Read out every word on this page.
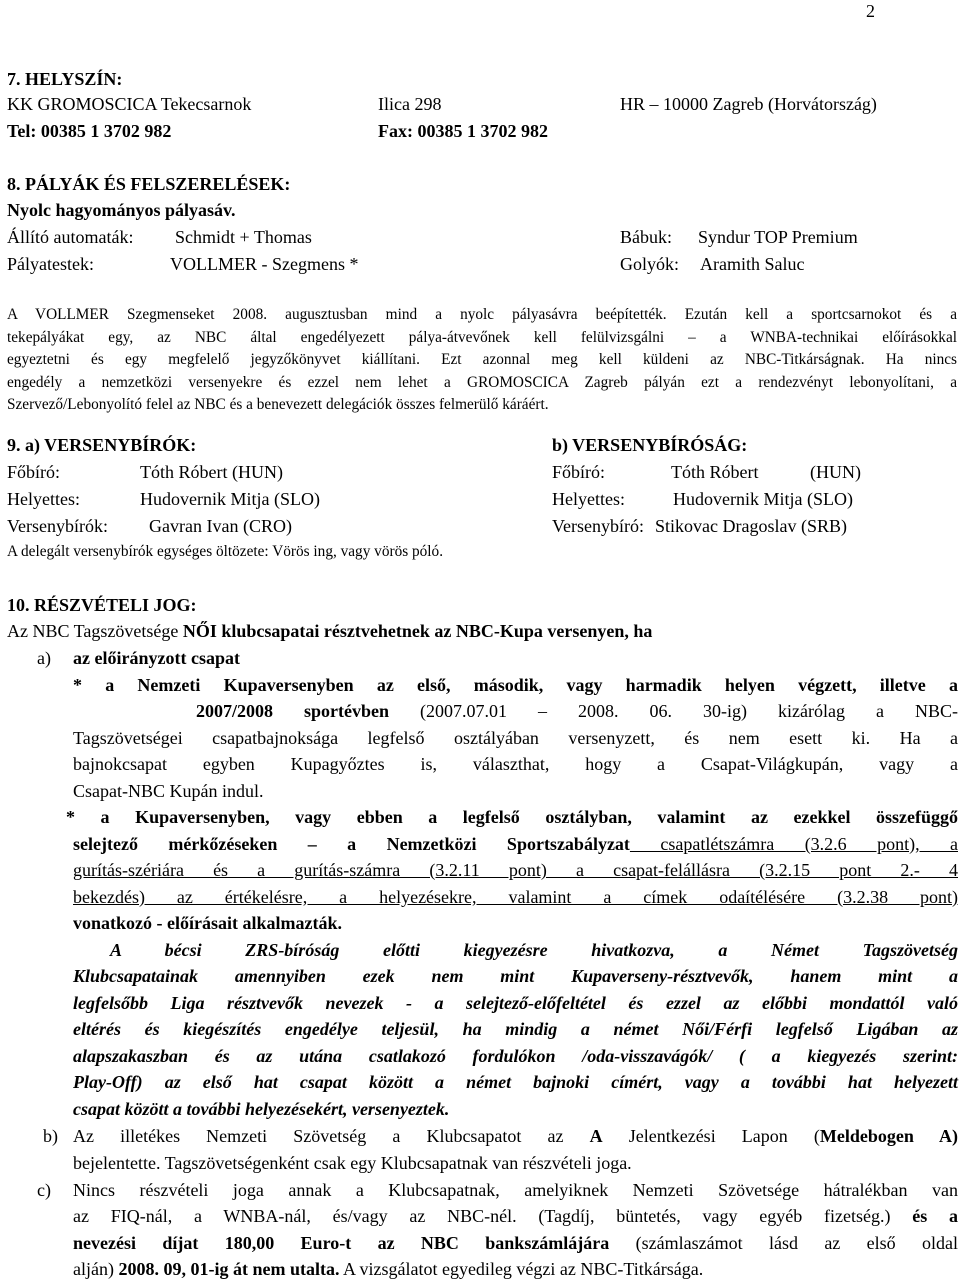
2
7. HELYSZÍN:
KK GROMOSCICA Tekecsarnok	Ilica 298	HR – 10000 Zagreb (Horvátország)
Tel: 00385 1 3702 982	Fax: 00385 1 3702 982
8. PÁLYÁK ÉS FELSZERELÉSEK:
Nyolc hagyományos pályasáv.
Állító automaták: Schmidt + Thomas	Bábuk: Syndur TOP Premium
Pályatestek:	VOLLMER - Szegmens *	Golyók: Aramith Saluc
A VOLLMER Szegmenseket 2008. augusztusban mind a nyolc pályasávra beépítették. Ezután kell a sportcsarnokot és a
tekepályákat egy, az NBC által engedélyezett pálya-átvevőnek kell felülvizsgálni – a WNBA-technikai előírásokkal
egyeztetni és egy megfelelő jegyzőkönyvet kiállítani. Ezt azonnal meg kell küldeni az NBC-Titkárságnak. Ha nincs
engedély a nemzetközi versenyekre és ezzel nem lehet a GROMOSCICA Zagreb pályán ezt a rendezvényt lebonyolítani, a
Szervező/Lebonyolító felel az NBC és a benevezett delegációk összes felmerülő káráért.
9. a) VERSENYBÍRÓK:	b) VERSENYBÍRÓSÁG:
Főbíró:	Tóth Róbert (HUN)	Főbíró:	Tóth Róbert	(HUN)
Helyettes:	Hudovernik Mitja (SLO)	Helyettes:	Hudovernik Mitja (SLO)
Versenybírók: Gavran Ivan (CRO)	Versenybíró: Stikovac Dragoslav (SRB)
A delegált versenybírók egységes öltözete: Vörös ing, vagy vörös póló.
10. RÉSZVÉTELI JOG:
Az NBC Tagszövetsége NŐI klubcsapatai résztvehetnek az NBC-Kupa versenyen, ha
a) az előirányzott csapat
* a Nemzeti Kupaversenyben az első, második, vagy harmadik helyen végzett, illetve a
2007/2008 sportévben (2007.07.01 – 2008. 06. 30-ig) kizárólag a NBC-
Tagszövetségei csapatbajnoksága legfelső osztályában versenyzett, és nem esett ki. Ha a
bajnokcsapat egyben Kupagyőztes is, választhat, hogy a Csapat-Világkupán, vagy a
Csapat-NBC Kupán indul.
* a Kupaversenyben, vagy ebben a legfelső osztályban, valamint az ezekkel összefüggő
selejtező mérkőzéseken – a Nemzetközi Sportszabályzat csapatlétszámra (3.2.6 pont), a
gurítás-szériára és a gurítás-számra (3.2.11 pont) a csapat-felállásra (3.2.15 pont 2.- 4
bekezdés) az értékelésre, a helyezésekre, valamint a címek odaítélésére (3.2.38 pont)
vonatkozó - előírásait alkalmazták.
A bécsi ZRS-bíróság előtti kiegyezésre hivatkozva, a Német Tagszövetség
Klubcsapatainak amennyiben ezek nem mint Kupaverseny-résztvevők, hanem mint a
legfelsőbb Liga résztvevők nevezek - a selejtező-előfeltétel és ezzel az előbbi mondattól való
eltérés és kiegészítés engedélye teljesül, ha mindig a német Női/Férfi legfelső Ligában az
alapszakaszban és az utána csatlakozó fordulókon /oda-visszavágók/ ( a kiegyezés szerint:
Play-Off) az első hat csapat között a német bajnoki címért, vagy a további hat helyezett
csapat között a további helyezésekért, versenyeztek.
b) Az illetékes Nemzeti Szövetség a Klubcsapatot az A Jelentkezési Lapon (Meldebogen A)
bejelentette. Tagszövetségenként csak egy Klubcsapatnak van részvételi joga.
c) Nincs részvételi joga annak a Klubcsapatnak, amelyiknek Nemzeti Szövetsége hátralékban van
az FIQ-nál, a WNBA-nál, és/vagy az NBC-nél. (Tagdíj, büntetés, vagy egyéb fizetség.) és a
nevezési díjat 180,00 Euro-t az NBC bankszámlájára (számlaszámot lásd az első oldal
alján) 2008. 09, 01-ig át nem utalta. A vizsgálatot egyedileg végzi az NBC-Titkársága.
